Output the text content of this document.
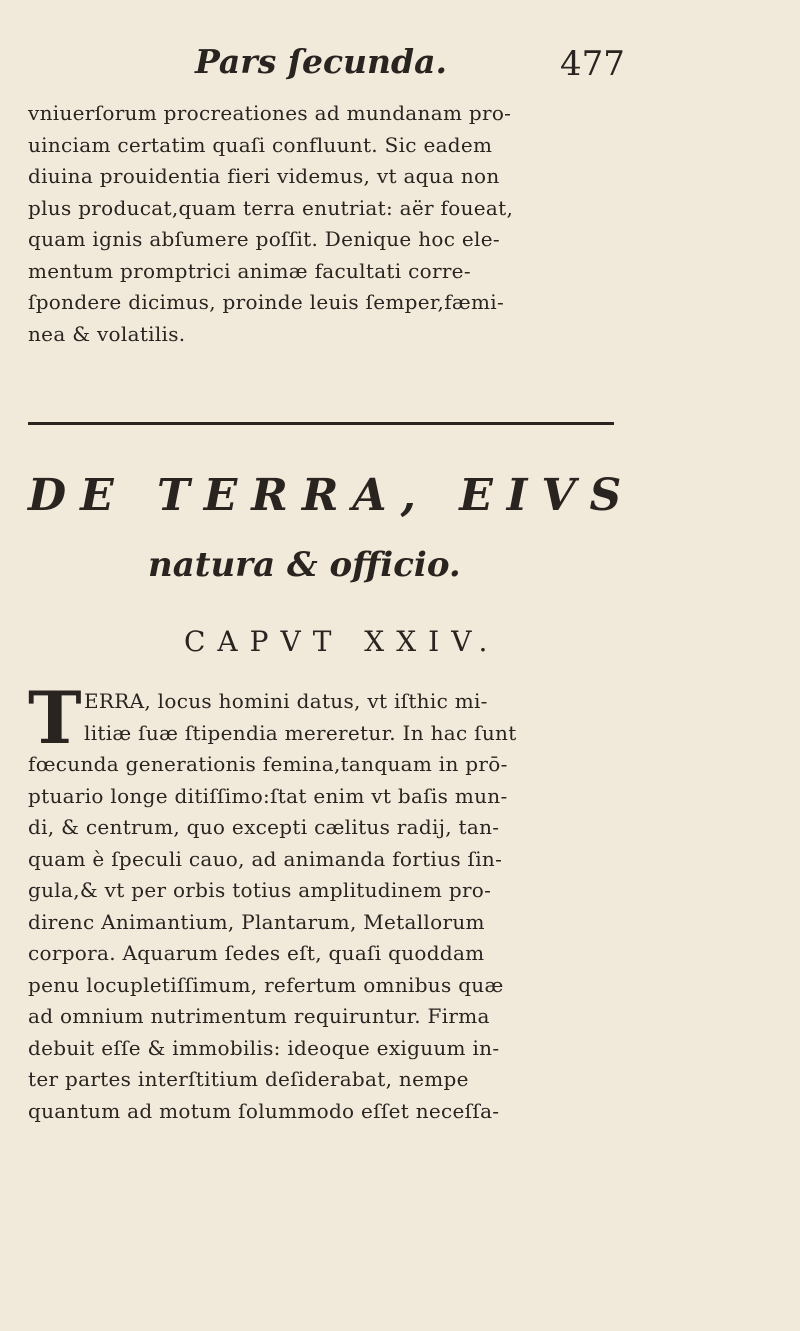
Pars ſecunda.	477
vniuerſorum procreationes ad mundanam pro-
uinciam certatim quaſi confluunt. Sic eadem
diuina prouidentia fieri videmus, vt aqua non
plus producat,quam terra enutriat: aër foueat,
quam ignis abſumere poſſit. Denique hoc ele-
mentum promptrici animæ facultati corre-
ſpondere dicimus, proinde leuis ſemper,fæmi-
nea & volatilis.
DE TERRA, EIVS
natura & officio.
CAPVT XXIV.
T ERRA, locus homini datus, vt iſthic mi-
litiæ ſuæ ſtipendia mereretur. In hac ſunt
fœcunda generationis femina,tanquam in prō-
ptuario longe ditiſſimo:ſtat enim vt baſis mun-
di, & centrum, quo excepti cælitus radij, tan-
quam è ſpeculi cauo, ad animanda fortius ſin-
gula,& vt per orbis totius amplitudinem pro-
direnc Animantium, Plantarum, Metallorum
corpora. Aquarum ſedes eſt, quaſi quoddam
penu locupletiſſimum, refertum omnibus quæ
ad omnium nutrimentum requiruntur. Firma
debuit eſſe & immobilis: ideoque exiguum in-
ter partes interſtitium deſiderabat, nempe
quantum ad motum ſolummodo eſſet neceſſa-
